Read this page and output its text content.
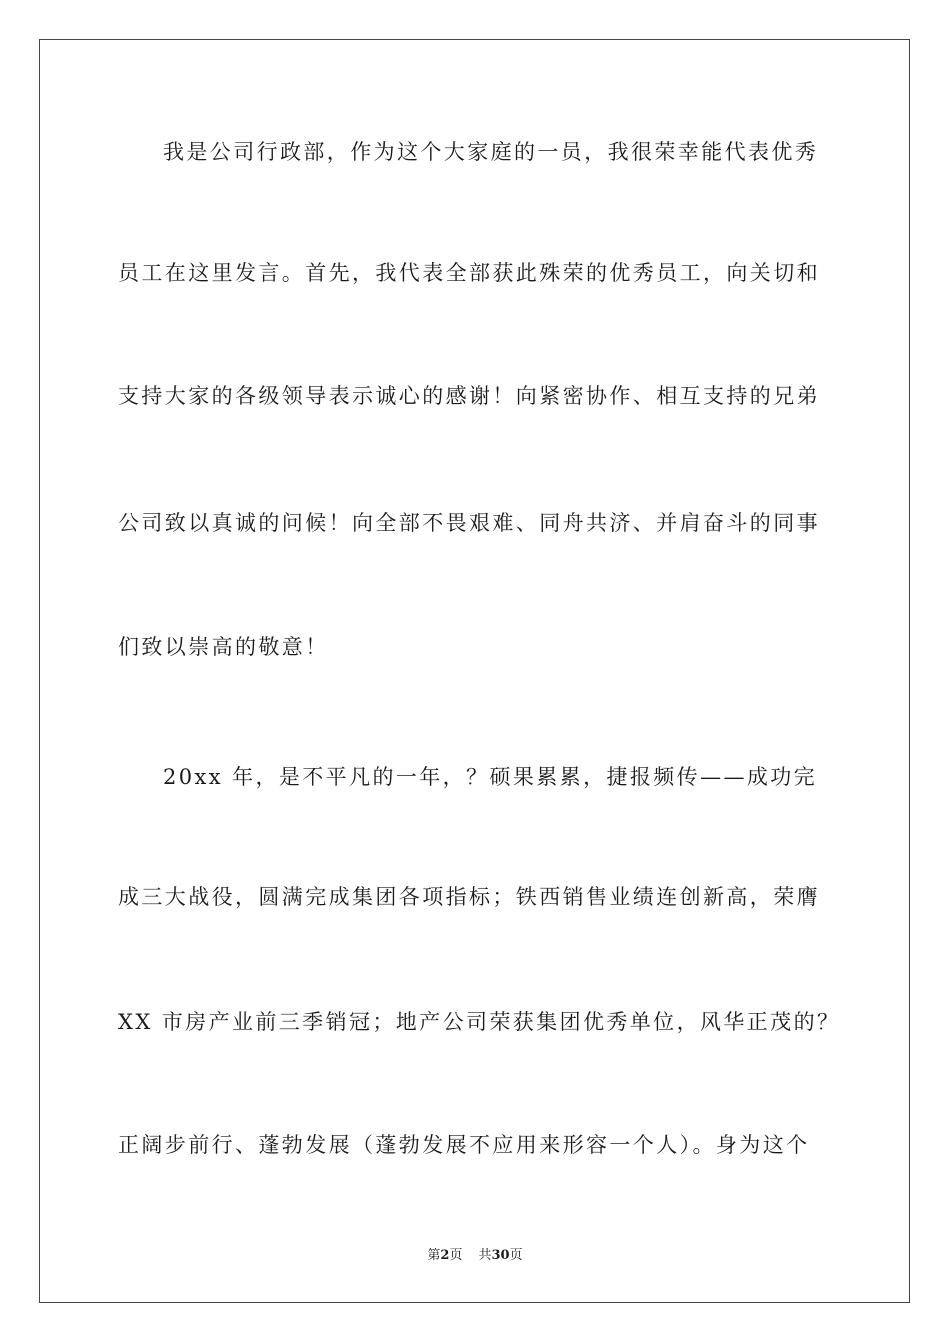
我是公司行政部，作为这个大家庭的一员，我很荣幸能代表优秀
员工在这里发言。首先，我代表全部获此殊荣的优秀员工，向关切和
支持大家的各级领导表示诚心的感谢！向紧密协作、相互支持的兄弟
公司致以真诚的问候！向全部不畏艰难、同舟共济、并肩奋斗的同事
们致以崇高的敬意！
20xx 年，是不平凡的一年，？硕果累累，捷报频传——成功完
成三大战役，圆满完成集团各项指标；铁西销售业绩连创新高，荣膺
XX 市房产业前三季销冠；地产公司荣获集团优秀单位，风华正茂的？
正阔步前行、蓬勃发展（蓬勃发展不应用来形容一个人）。身为这个
第2页 共30页
